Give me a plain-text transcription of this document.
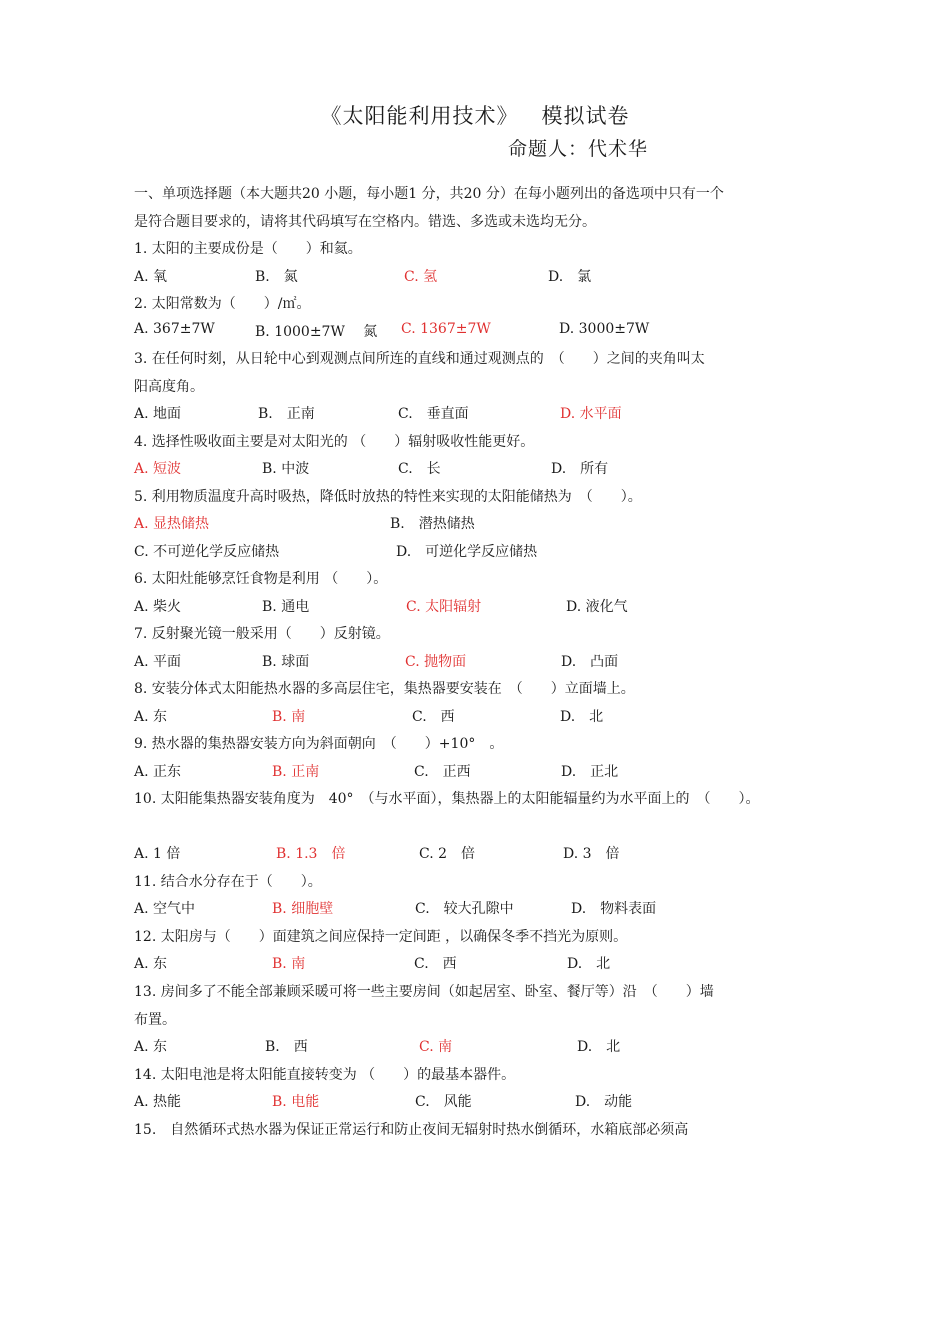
《太阳能利用技术》   模拟试卷
命题人：代术华
一、单项选择题（本大题共20 小题，每小题1 分，共20 分）在每小题列出的备选项中只有一个
是符合题目要求的，请将其代码填写在空格内。错选、多选或未选均无分。
1. 太阳的主要成份是（　　）和氦。
A. 氧	B.　氮	C. 氢	D.　氯
2. 太阳常数为（　　）/㎡。
A. 367±7W	B. 1000±7W　 氮 C. 1367±7W	D. 3000±7W
3. 在任何时刻，从日轮中心到观测点间所连的直线和通过观测点的　（　　）之间的夹角叫太
阳高度角。
A. 地面	B.　正南	C.　垂直面	D. 水平面
4. 选择性吸收面主要是对太阳光的 （　　）辐射吸收性能更好。
A. 短波	B. 中波	C.　长	D.　所有
5. 利用物质温度升高时吸热，降低时放热的特性来实现的太阳能储热为　（　　）。
A. 显热储热	B.　潜热储热
C. 不可逆化学反应储热	D.　可逆化学反应储热
6. 太阳灶能够烹饪食物是利用 （　　）。
A. 柴火	B. 通电	C. 太阳辐射	D. 液化气
7. 反射聚光镜一般采用（　　）反射镜。
A. 平面	B. 球面	C. 抛物面	D.　凸面
8. 安装分体式太阳能热水器的多高层住宅，集热器要安装在　（　　）立面墙上。
A. 东	B. 南	C.　西	D.　北
9. 热水器的集热器安装方向为斜面朝向　（　　）+10°　。
A. 正东	B. 正南	C.　正西	D.　正北
10. 太阳能集热器安装角度为　40°　（与水平面），集热器上的太阳能辐量约为水平面上的　（　　）。
A. 1 倍	B. 1.3　倍	C. 2　倍	D. 3　倍
11. 结合水分存在于（　　）。
A. 空气中	B. 细胞壁	C.　较大孔隙中	D.　物料表面
12. 太阳房与（　　）面建筑之间应保持一定间距 ，以确保冬季不挡光为原则。
A. 东	B. 南	C.　西	D.　北
13. 房间多了不能全部兼顾采暖可将一些主要房间（如起居室、卧室、餐厅等）沿　（　　）墙
布置。
A. 东	B.　西	C. 南	D.　北
14. 太阳电池是将太阳能直接转变为 （　　）的最基本器件。
A. 热能	B. 电能	C.　风能	D.　动能
15.　自然循环式热水器为保证正常运行和防止夜间无辐射时热水倒循环，水箱底部必须高
